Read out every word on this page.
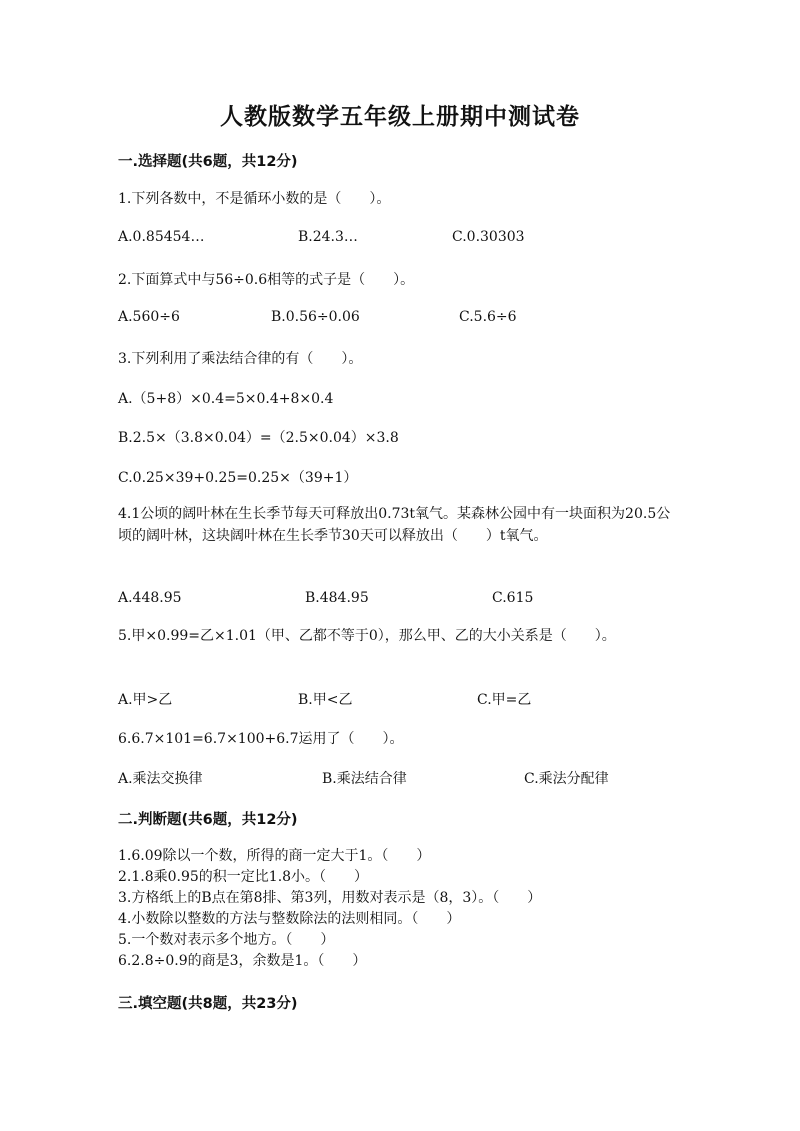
人教版数学五年级上册期中测试卷
一.选择题(共6题，共12分)
1.下列各数中，不是循环小数的是（　　）。
A.0.85454…	B.24.3…	C.0.30303
2.下面算式中与56÷0.6相等的式子是（　　）。
A.560÷6	B.0.56÷0.06	C.5.6÷6
3.下列利用了乘法结合律的有（　　）。
A.（5+8）×0.4=5×0.4+8×0.4
B.2.5×（3.8×0.04）=（2.5×0.04）×3.8
C.0.25×39+0.25=0.25×（39+1）
4.1公顷的阔叶林在生长季节每天可释放出0.73t氧气。某森林公园中有一块面积为20.5公顷的阔叶林，这块阔叶林在生长季节30天可以释放出（　　）t氧气。
A.448.95	B.484.95	C.615
5.甲×0.99=乙×1.01（甲、乙都不等于0），那么甲、乙的大小关系是（　　）。
A.甲>乙	B.甲<乙	C.甲=乙
6.6.7×101=6.7×100+6.7运用了（　　）。
A.乘法交换律	B.乘法结合律	C.乘法分配律
二.判断题(共6题，共12分)
1.6.09除以一个数，所得的商一定大于1。（　　）
2.1.8乘0.95的积一定比1.8小。（　　）
3.方格纸上的B点在第8排、第3列，用数对表示是（8，3）。（　　）
4.小数除以整数的方法与整数除法的法则相同。（　　）
5.一个数对表示多个地方。（　　）
6.2.8÷0.9的商是3，余数是1。（　　）
三.填空题(共8题，共23分)
